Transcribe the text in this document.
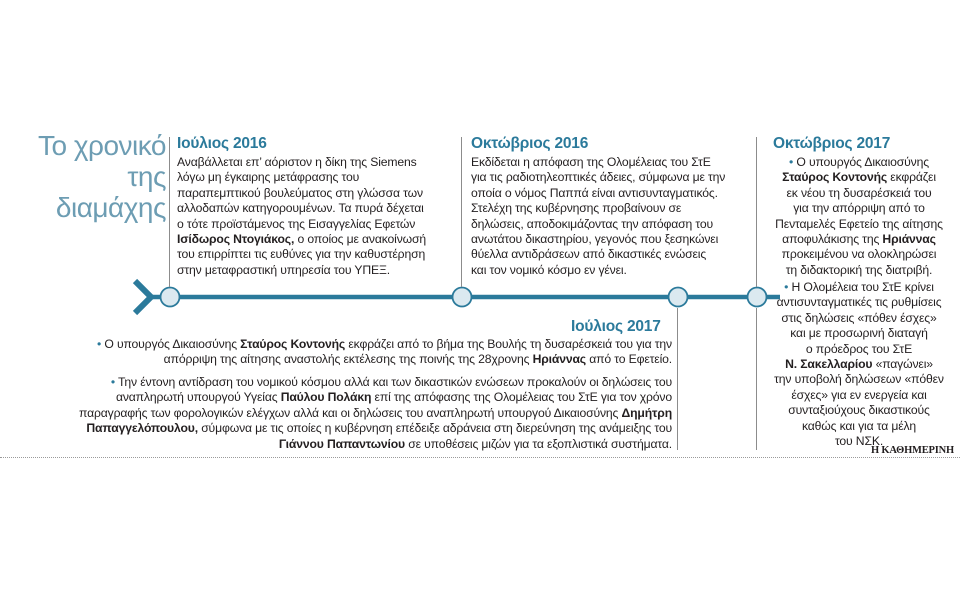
Το χρονικό
της διαμάχης
Ιούλιος 2016
Αναβάλλεται επ’ αόριστον η δίκη της Siemens
λόγω μη έγκαιρης μετάφρασης του
παραπεμπτικού βουλεύματος στη γλώσσα των
αλλοδαπών κατηγορουμένων. Τα πυρά δέχεται
ο τότε προϊστάμενος της Εισαγγελίας Εφετών
Ισίδωρος Ντογιάκος, ο οποίος με ανακοίνωσή
του επιρρίπτει τις ευθύνες για την καθυστέρηση
στην μεταφραστική υπηρεσία του ΥΠΕΞ.
Οκτώβριος 2016
Εκδίδεται η απόφαση της Ολομέλειας του ΣτΕ
για τις ραδιοτηλεοπτικές άδειες, σύμφωνα με την
οποία ο νόμος Παππά είναι αντισυνταγματικός.
Στελέχη της κυβέρνησης προβαίνουν σε
δηλώσεις, αποδοκιμάζοντας την απόφαση του
ανωτάτου δικαστηρίου, γεγονός που ξεσηκώνει
θύελλα αντιδράσεων από δικαστικές ενώσεις
και τον νομικό κόσμο εν γένει.
Ιούλιος 2017
• Ο υπουργός Δικαιοσύνης Σταύρος Κοντονής εκφράζει από το βήμα της Βουλής τη δυσαρέσκειά του για την
απόρριψη της αίτησης αναστολής εκτέλεσης της ποινής της 28χρονης Ηριάννας από το Εφετείο.
• Την έντονη αντίδραση του νομικού κόσμου αλλά και των δικαστικών ενώσεων προκαλούν οι δηλώσεις του
αναπληρωτή υπουργού Υγείας Παύλου Πολάκη επί της απόφασης της Ολομέλειας του ΣτΕ για τον χρόνο
παραγραφής των φορολογικών ελέγχων αλλά και οι δηλώσεις του αναπληρωτή υπουργού Δικαιοσύνης Δημήτρη
Παπαγγελόπουλου, σύμφωνα με τις οποίες η κυβέρνηση επέδειξε αδράνεια στη διερεύνηση της ανάμειξης του
Γιάννου Παπαντωνίου σε υποθέσεις μιζών για τα εξοπλιστικά συστήματα.
Οκτώβριος 2017
• Ο υπουργός Δικαιοσύνης
Σταύρος Κοντονής εκφράζει
εκ νέου τη δυσαρέσκειά του
για την απόρριψη από το
Πενταμελές Εφετείο της αίτησης
αποφυλάκισης της Ηριάννας
προκειμένου να ολοκληρώσει
τη διδακτορική της διατριβή.
• Η Ολομέλεια του ΣτΕ κρίνει
αντισυνταγματικές τις ρυθμίσεις
στις δηλώσεις «πόθεν έσχες»
και με προσωρινή διαταγή
ο πρόεδρος του ΣτΕ
Ν. Σακελλαρίου «παγώνει»
την υποβολή δηλώσεων «πόθεν
έσχες» για εν ενεργεία και
συνταξιούχους δικαστικούς
καθώς και για τα μέλη
του ΝΣΚ.
Η ΚΑΘΗΜΕΡΙΝΗ
